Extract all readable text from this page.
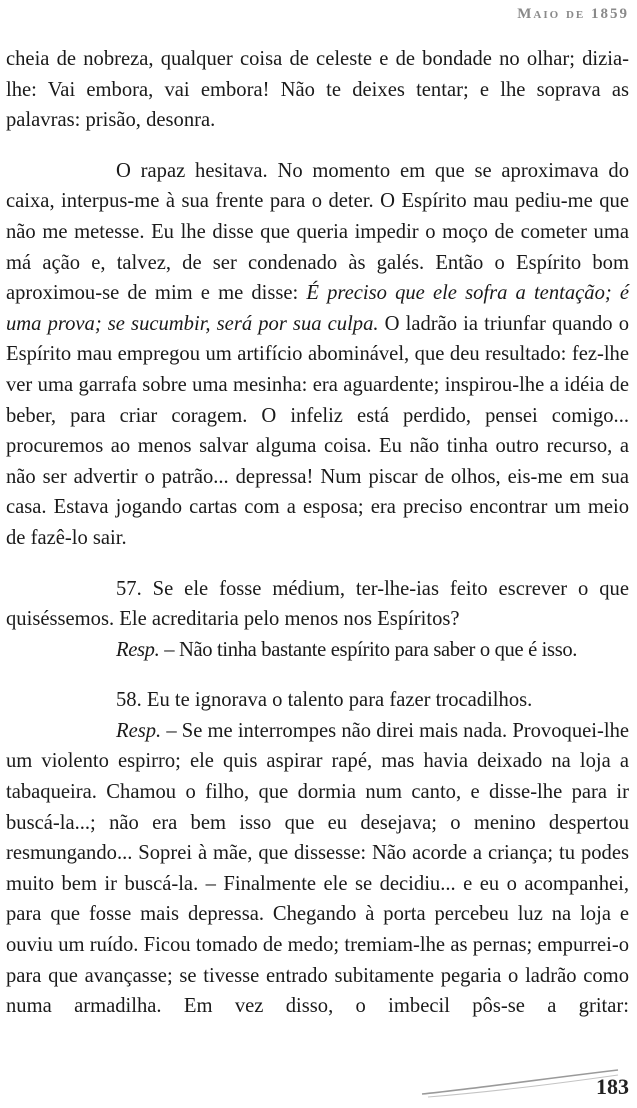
Maio de 1859

cheia de nobreza, qualquer coisa de celeste e de bondade no olhar; dizia-lhe: Vai embora, vai embora! Não te deixes tentar; e lhe soprava as palavras: prisão, desonra.

O rapaz hesitava. No momento em que se aproximava do caixa, interpus-me à sua frente para o deter. O Espírito mau pediu-me que não me metesse. Eu lhe disse que queria impedir o moço de cometer uma má ação e, talvez, de ser condenado às galés. Então o Espírito bom aproximou-se de mim e me disse: É preciso que ele sofra a tentação; é uma prova; se sucumbir, será por sua culpa. O ladrão ia triunfar quando o Espírito mau empregou um artifício abominável, que deu resultado: fez-lhe ver uma garrafa sobre uma mesinha: era aguardente; inspirou-lhe a idéia de beber, para criar coragem. O infeliz está perdido, pensei comigo... procuremos ao menos salvar alguma coisa. Eu não tinha outro recurso, a não ser advertir o patrão... depressa! Num piscar de olhos, eis-me em sua casa. Estava jogando cartas com a esposa; era preciso encontrar um meio de fazê-lo sair.

57. Se ele fosse médium, ter-lhe-ias feito escrever o que quiséssemos. Ele acreditaria pelo menos nos Espíritos?

Resp. – Não tinha bastante espírito para saber o que é isso.

58. Eu te ignorava o talento para fazer trocadilhos.

Resp. – Se me interrompes não direi mais nada. Provoquei-lhe um violento espirro; ele quis aspirar rapé, mas havia deixado na loja a tabaqueira. Chamou o filho, que dormia num canto, e disse-lhe para ir buscá-la...; não era bem isso que eu desejava; o menino despertou resmungando... Soprei à mãe, que dissesse: Não acorde a criança; tu podes muito bem ir buscá-la. – Finalmente ele se decidiu... e eu o acompanhei, para que fosse mais depressa. Chegando à porta percebeu luz na loja e ouviu um ruído. Ficou tomado de medo; tremiam-lhe as pernas; empurrei-o para que avançasse; se tivesse entrado subitamente pegaria o ladrão como numa armadilha. Em vez disso, o imbecil pôs-se a gritar:

183
